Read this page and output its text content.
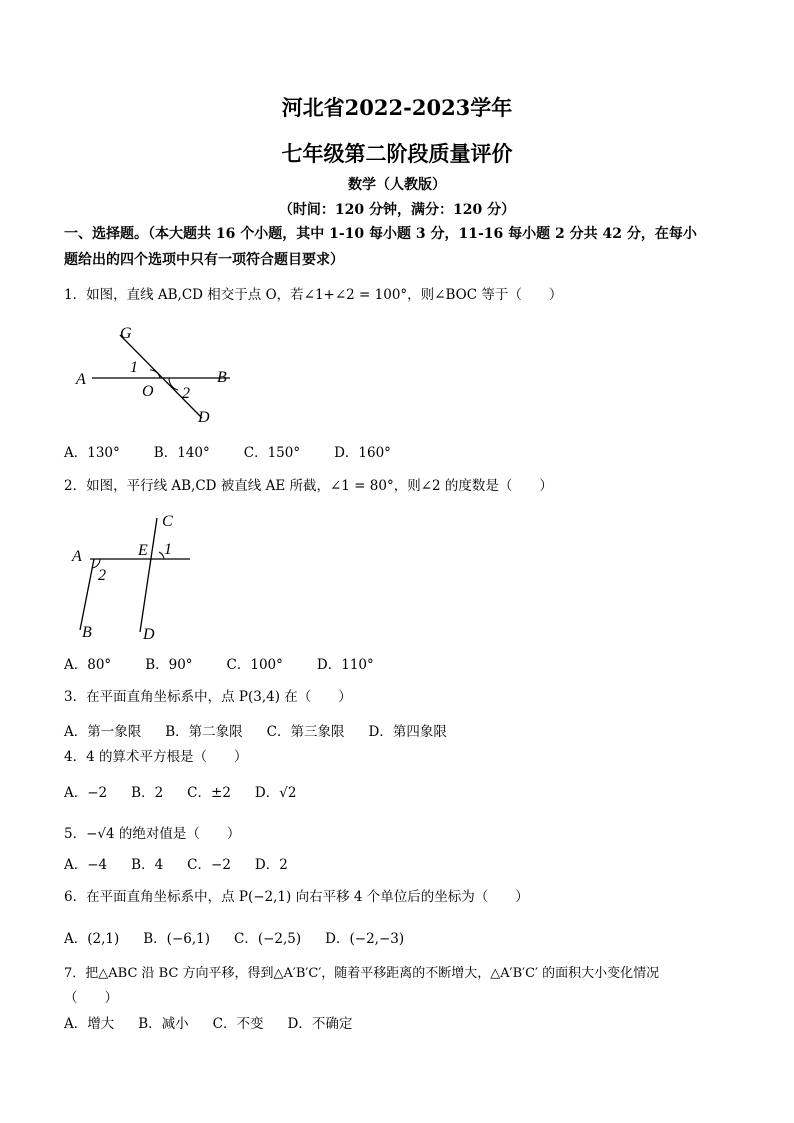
河北省2022-2023学年
七年级第二阶段质量评价
数学（人教版）
（时间：120 分钟，满分：120 分）
一、选择题。（本大题共 16 个小题，其中 1-10 每小题 3 分，11-16 每小题 2 分共 42 分，在每小
题给出的四个选项中只有一项符合题目要求）
1．如图，直线 AB,CD 相交于点 O，若∠1+∠2 = 100°，则∠BOC 等于（　　）
G
A
1
O 2
B
D
A．130°	B．140°	C．150°	D．160°
2．如图，平行线 AB,CD 被直线 AE 所截，∠1 = 80°，则∠2 的度数是（　　）
C
A	E 1
2
B	D
A．80°	B．90°	C．100°	D．110°
3．在平面直角坐标系中，点 P(3,4) 在（　　）
A．第一象限 B．第二象限 C．第三象限 D．第四象限
4．4 的算术平方根是（　　）
A．−2 B．2 C．±2 D．√2
5．−√4 的绝对值是（　　）
A．−4 B．4 C．−2 D．2
6．在平面直角坐标系中，点 P(−2,1) 向右平移 4 个单位后的坐标为（　　）
A．(2,1) B．(−6,1) C．(−2,5) D．(−2,−3)
7．把△ABC 沿 BC 方向平移，得到△A′B′C′，随着平移距离的不断增大，△A′B′C′ 的面积大小变化情况
（　　）
A．增大 B．减小 C．不变 D．不确定
